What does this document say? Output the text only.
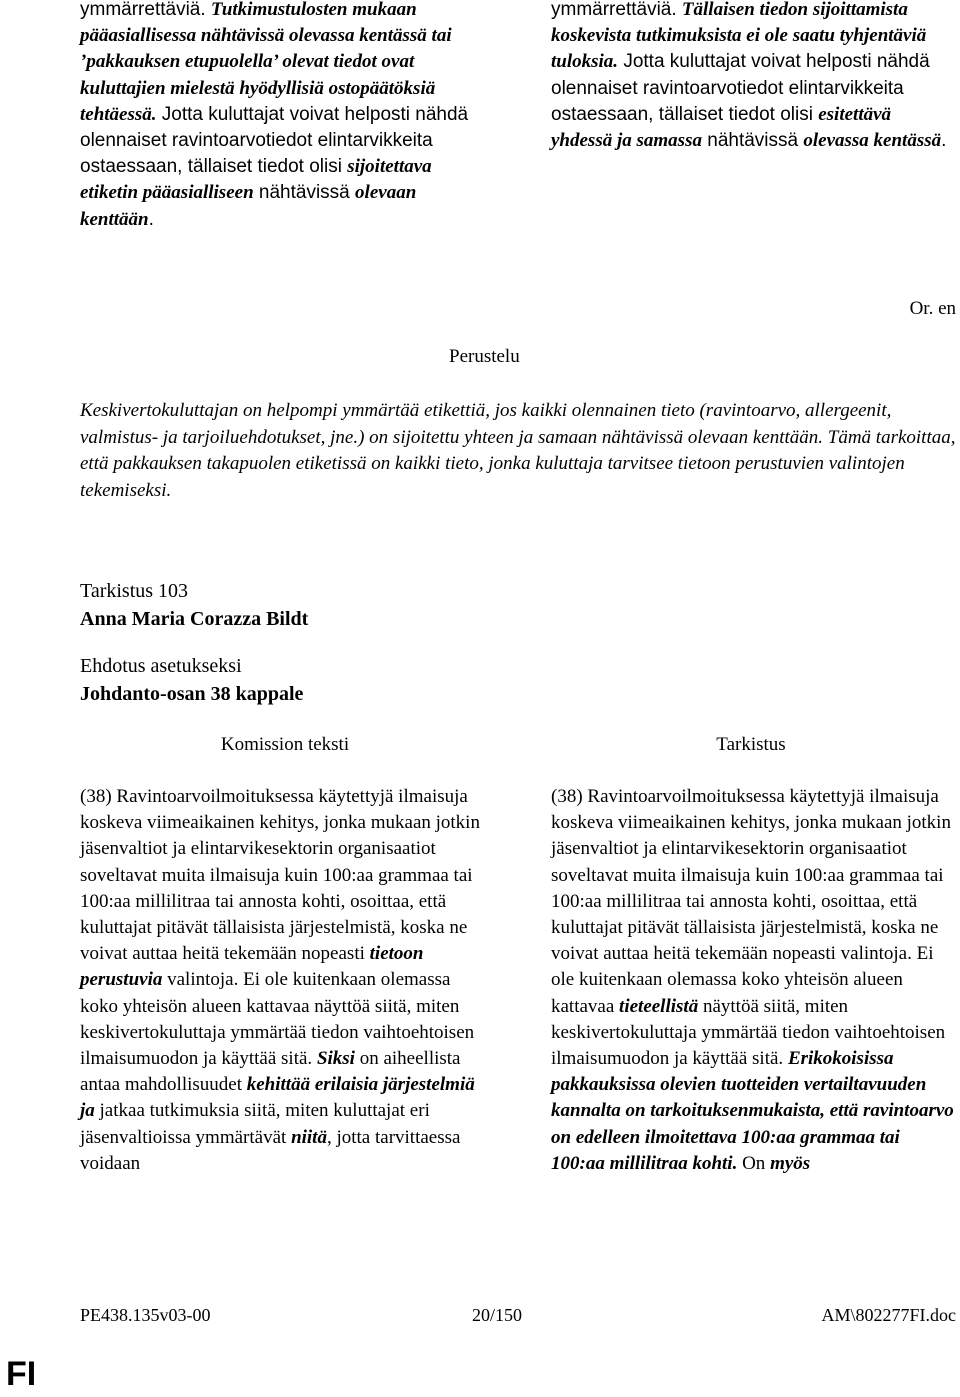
ymmärrettäviä. Tutkimustulosten mukaan pääasiallisessa nähtävissä olevassa kentässä tai ’pakkauksen etupuolella’ olevat tiedot ovat kuluttajien mielestä hyödyllisiä ostopäätöksiä tehtäessä. Jotta kuluttajat voivat helposti nähdä olennaiset ravintoarvotiedot elintarvikkeita ostaessaan, tällaiset tiedot olisi sijoitettava etiketin pääasialliseen nähtävissä olevaan kenttään.
ymmärrettäviä. Tällaisen tiedon sijoittamista koskevista tutkimuksista ei ole saatu tyhjentäviä tuloksia. Jotta kuluttajat voivat helposti nähdä olennaiset ravintoarvotiedot elintarvikkeita ostaessaan, tällaiset tiedot olisi esitettävä yhdessä ja samassa nähtävissä olevassa kentässä.
Or. en
Perustelu
Keskivertokuluttajan on helpompi ymmärtää etikettiä, jos kaikki olennainen tieto (ravintoarvo, allergeenit, valmistus- ja tarjoiluehdotukset, jne.) on sijoitettu yhteen ja samaan nähtävissä olevaan kenttään. Tämä tarkoittaa, että pakkauksen takapuolen etiketissä on kaikki tieto, jonka kuluttaja tarvitsee tietoon perustuvien valintojen tekemiseksi.
Tarkistus 103
Anna Maria Corazza Bildt
Ehdotus asetukseksi
Johdanto-osan 38 kappale
Komission teksti	Tarkistus
(38) Ravintoarvoilmoituksessa käytettyjä ilmaisuja koskeva viimeaikainen kehitys, jonka mukaan jotkin jäsenvaltiot ja elintarvikesektorin organisaatiot soveltavat muita ilmaisuja kuin 100:aa grammaa tai 100:aa millilitraa tai annosta kohti, osoittaa, että kuluttajat pitävät tällaisista järjestelmistä, koska ne voivat auttaa heitä tekemään nopeasti tietoon perustuvia valintoja. Ei ole kuitenkaan olemassa koko yhteisön alueen kattavaa näyttöä siitä, miten keskivertokuluttaja ymmärtää tiedon vaihtoehtoisen ilmaisumuodon ja käyttää sitä. Siksi on aiheellista antaa mahdollisuudet kehittää erilaisia järjestelmiä ja jatkaa tutkimuksia siitä, miten kuluttajat eri jäsenvaltioissa ymmärtävät niitä, jotta tarvittaessa voidaan
(38) Ravintoarvoilmoituksessa käytettyjä ilmaisuja koskeva viimeaikainen kehitys, jonka mukaan jotkin jäsenvaltiot ja elintarvikesektorin organisaatiot soveltavat muita ilmaisuja kuin 100:aa grammaa tai 100:aa millilitraa tai annosta kohti, osoittaa, että kuluttajat pitävät tällaisista järjestelmistä, koska ne voivat auttaa heitä tekemään nopeasti valintoja. Ei ole kuitenkaan olemassa koko yhteisön alueen kattavaa tieteellistä näyttöä siitä, miten keskivertokuluttaja ymmärtää tiedon vaihtoehtoisen ilmaisumuodon ja käyttää sitä. Erikokoisissa pakkauksissa olevien tuotteiden vertailtavuuden kannalta on tarkoituksenmukaista, että ravintoarvo on edelleen ilmoitettava 100:aa grammaa tai 100:aa millilitraa kohti. On myös
PE438.135v03-00	20/150	AM\802277FI.doc
FI
